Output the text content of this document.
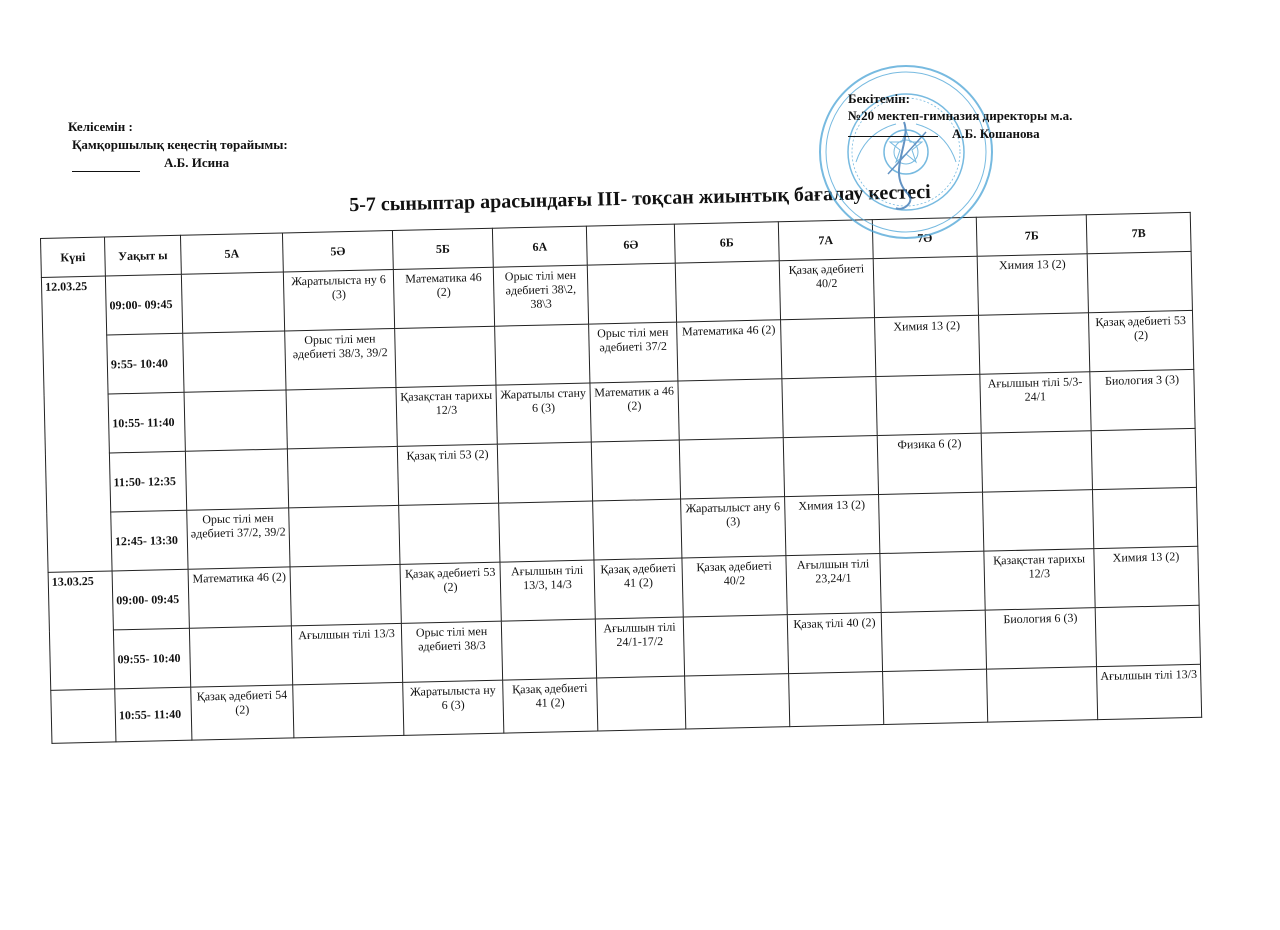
Келісемін :
Қамқоршылық кеңестің төрайымы:
А.Б. Исина
Бекітемін:
№20 мектеп-гимназия директоры м.а.
А.Б. Кошанова
5-7 сыныптар арасындағы ІІІ- тоқсан жиынтық бағалау кестесі
Күні	Уақыт ы	5А	5Ә	5Б	6А	6Ә	6Б	7А	7Ә	7Б	7В
12.03.25	09:00- 09:45		Жаратылыста ну 6 (3)	Математика 46 (2)	Орыс тілі мен әдебиеті 38\2, 38\3			Қазақ әдебиеті 40/2		Химия 13 (2)	
	9:55- 10:40		Орыс тілі мен әдебиеті 38/3, 39/2			Орыс тілі мен әдебиеті 37/2	Математика 46 (2)		Химия 13 (2)		Қазақ әдебиеті 53 (2)
	10:55- 11:40			Қазақстан тарихы 12/3	Жаратылы стану 6 (3)	Математик а 46 (2)				Ағылшын тілі 5/3-24/1	Биология 3 (3)
	11:50- 12:35			Қазақ тілі 53 (2)					Физика 6 (2)		
	12:45- 13:30	Орыс тілі мен әдебиеті 37/2, 39/2					Жаратылыст ану 6 (3)	Химия 13 (2)			
13.03.25	09:00- 09:45	Математика 46 (2)		Қазақ әдебиеті 53 (2)	Ағылшын тілі 13/3, 14/3	Қазақ әдебиеті 41 (2)	Қазақ әдебиеті 40/2	Ағылшын тілі 23,24/1		Қазақстан тарихы 12/3	Химия 13 (2)
	09:55- 10:40		Ағылшын тілі 13/3	Орыс тілі мен әдебиеті 38/3		Ағылшын тілі 24/1-17/2		Қазақ тілі 40 (2)		Биология 6 (3)	
	10:55- 11:40	Қазақ әдебиеті 54 (2)		Жаратылыста ну 6 (3)	Қазақ әдебиеті 41 (2)						Ағылшын тілі 13/3
